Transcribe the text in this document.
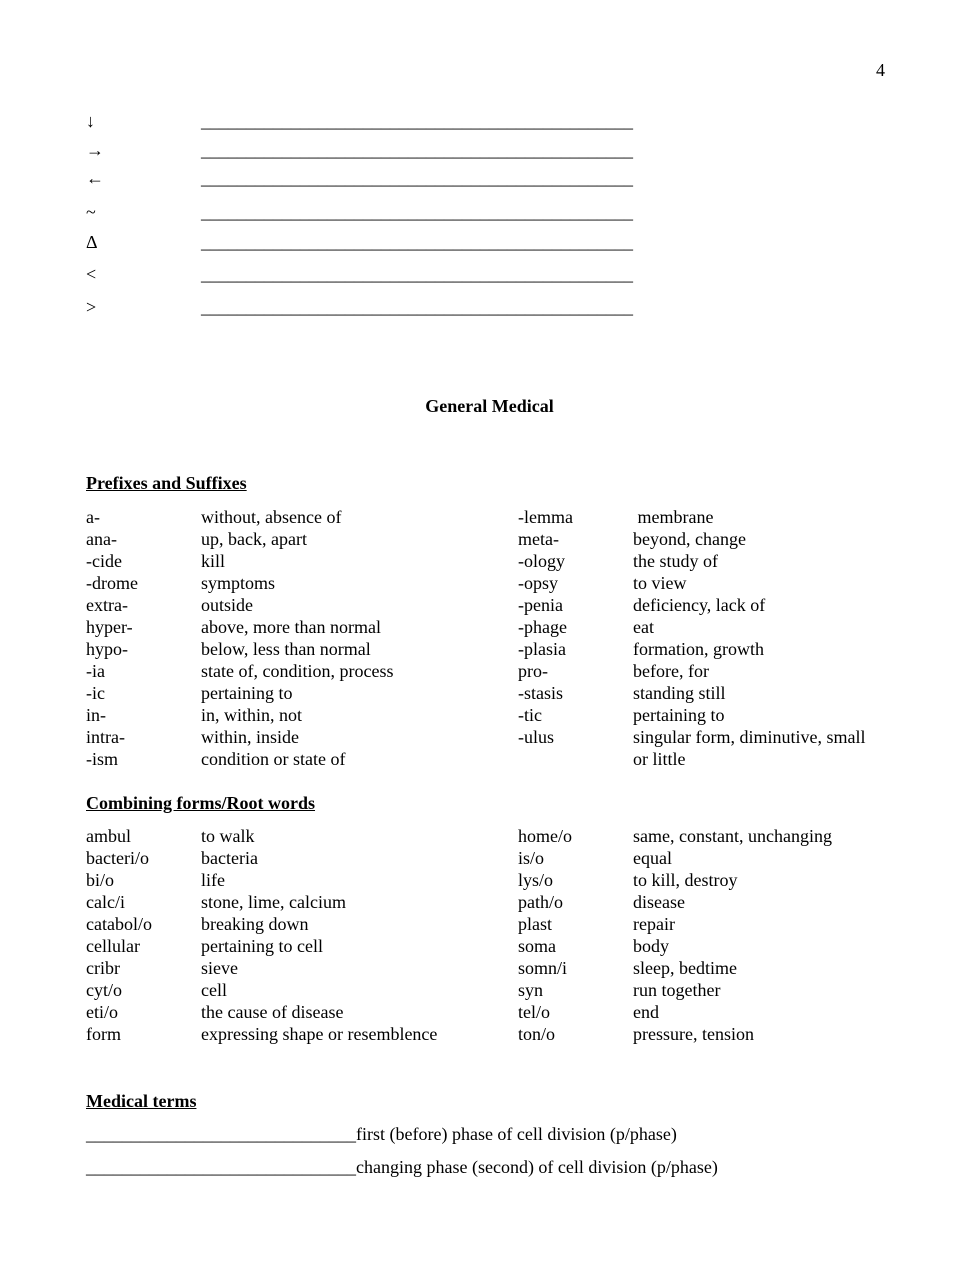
4
↓	________________________________________________
→	________________________________________________
←	________________________________________________
~	________________________________________________
Δ	________________________________________________
<	________________________________________________
>	________________________________________________
General Medical
Prefixes and Suffixes
a-	without, absence of
ana-	up, back, apart
-cide	kill
-drome	symptoms
extra-	outside
hyper-	above, more than normal
hypo-	below, less than normal
-ia	state of, condition, process
-ic	pertaining to
in-	in, within, not
intra-	within, inside
-ism	condition or state of
-lemma	membrane
meta-	beyond, change
-ology	the study of
-opsy	to view
-penia	deficiency, lack of
-phage	eat
-plasia	formation, growth
pro-	before, for
-stasis	standing still
-tic	pertaining to
-ulus	singular form, diminutive, small
or little
Combining forms/Root words
ambul	to walk
bacteri/o	bacteria
bi/o	life
calc/i	stone, lime, calcium
catabol/o	breaking down
cellular	pertaining to cell
cribr	sieve
cyt/o	cell
eti/o	the cause of disease
form	expressing shape or resemblence
home/o	same, constant, unchanging
is/o	equal
lys/o	to kill, destroy
path/o	disease
plast	repair
soma	body
somn/i	sleep, bedtime
syn	run together
tel/o	end
ton/o	pressure, tension
Medical terms
______________________________first (before) phase of cell division (p/phase)
______________________________changing phase (second) of cell division (p/phase)
